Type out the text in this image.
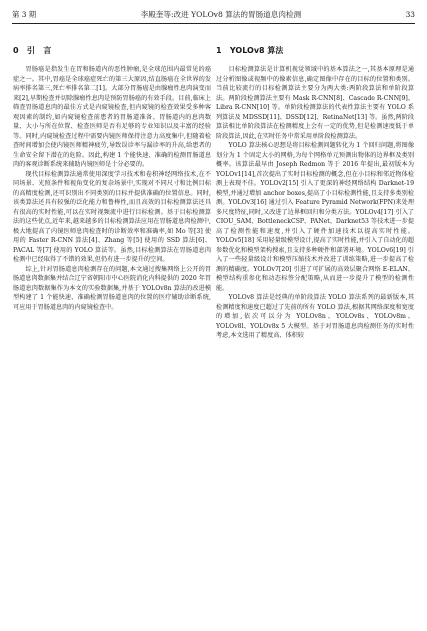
第 3 期	李殿奎等:改进 YOLOv8 算法的胃肠道息肉检测	33
0   引   言

胃肠癌是指发生在胃和肠道内的恶性肿瘤,是全球范围内最常见的癌症之一。其中,胃癌是全球癌症死亡的第三大原因,结直肠癌在全世界的发病率排名第三,死亡率排名第二[1]。大部分胃肠癌是由腺瘤性息肉演变而来[2],早期检查并切除腺瘤性息肉是预防胃肠癌的有效手段。目前,临床上筛查胃肠道息肉的最佳方式是内窥镜检查,但内窥镜的检查效果受多种客观因素的制约,如内窥镜检查前患者的胃肠道准备、胃肠道内的息肉数量、大小与所在位置、检查医师是否有足够的专业知识以及丰富的经验等。同时,内窥镜检查过程中需要内镜医师保持注意力高度集中,但随着检查时间增加会使内镜医师精神疲劳,导致误诊率与漏诊率的升高,给患者的生命安全留下潜在的危险。因此,构建 1 个能快速、准确的检测胃肠道息肉的客观诊断系统来辅助内镜医师是十分必要的。

现代目标检测算法通常使用深度学习技术和卷积神经网络技术,在不同场景、光照条件和视角变化的复杂场景中,实现对不同尺寸和比例目标的高精度检测,还可识别出不同类别的目标并提供准确的位置信息。同时,该类算法还具有较强的泛化能力和鲁棒性,而且高效的目标检测算法还具有很高的实时性能,可以在实时视频流中进行目标检测。基于目标检测算法的这些优点,近年来,越来越多的目标检测算法应用在胃肠道息肉检测中,极大地提高了内镜医师息肉检查时的诊断效率和准确率,如 Mo 等[3] 使用的 Faster R-CNN 算法[4]、Zhang 等[5] 使用的 SSD 算法[6]、PACAL 等[7] 使用的 YOLO 算法等。虽然,目标检测算法在胃肠道息肉检测中已经取得了不错的效果,但仍有进一步提升的空间。

综上,针对胃肠道息肉检测存在的问题,本文通过搜集网络上公开的胃肠道息肉数据集并结合辽宁省朝阳市中心医院消化内科提供的 2020 年胃肠道息肉数据集作为本文的实验数据集,并基于 YOLOv8n 算法的改进模型构建了 1 个能快速、准确检测胃肠道息肉的位置的医疗辅助诊断系统,可应用于胃肠道息肉的内窥镜检查中。

1   YOLOv8 算法

目标检测算法是计算机视觉领域中的基本算法之一,其基本原理是通过分析图像或视频中的像素信息,确定图像中存在的目标的位置和类别。当前比较流行的目标检测算法主要分为两大类:两阶段算法和单阶段算法。两阶段检测算法主要有 Mask R-CNN[8]、Cascade R-CNN[9]、Libra R-CNN[10] 等。单阶段检测算法的代表性算法主要有 YOLO 系列算法及 MDSSD[11]、DSSD[12]、RetinaNet[13] 等。虽然,两阶段算法相比单阶段算法在检测精度上会有一定的优势,但是检测速度低于单阶段算法,因此,在实时任务中常采用单阶段检测算法。

YOLO 算法核心思想是将目标检测问题转化为 1 个回归问题,将图像划分为 1 个固定大小的网格,为每个网格单元预测出物体的边界框及类别概率。该算法最早由 Joseph Redmon 等于 2016 年提出,最初版本为 YOLOv1[14],首次提出了实时目标检测的概念,但在小目标和邻近物体检测上表现不佳。YOLOv2[15] 引入了更深的神经网络结构 Darknet-19 模型,并通过增加 anchor boxes,提高了小目标检测性能,且支持多类别检测。YOLOv3[16] 通过引入 Feature Pyramid Network(FPN)来处理多尺度特征,同时,又改进了边界框回归和分类方法。YOLOv4[17] 引入了 CIOU_SAM、BottleneckCSP、PANet、Darknet53 等技术进一步提高了检测性能和速度,并引入了硬件加速技术以提高实时性能。YOLOv5[18] 采用轻量级模型设计,提高了实时性能,并引入了自动化的超参数优化和模型架构搜索,且支持多种硬件和部署环境。YOLOv6[19] 引入了一些轻量级设计和模型压缩技术并改进了训练策略,进一步提高了检测的精确度。YOLOv7[20] 引进了可扩展的高效层聚合网络 E-ELAN、模型结构重参化和动态标签分配策略,从而进一步提升了模型的检测性能。

YOLOv8 算法是经典的单阶段算法 YOLO 算法系列的最新版本,其检测精度和速度已超过了先前的所有 YOLO 算法,根据其网络深度和宽度的增加,依次可以分为 YOLOv8n、YOLOv8s、YOLOv8m、YOLOv8l、YOLOv8x 5 大模型。基于对胃肠道息肉检测任务的实时性考虑,本文选用了精度高、体积较
